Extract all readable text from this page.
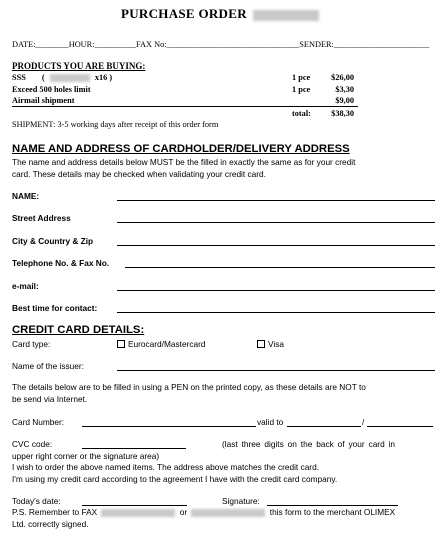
PURCHASE ORDER
DATE:________HOUR:__________FAX No:________________________________SENDER:_______________________
PRODUCTS YOU ARE BUYING:
SSS (	x16 )	1 pce	$26,00
Exceed 500 holes limit	1 pce	$3,30
Airmail shipment	$9,00
total: $38,30
SHIPMENT: 3-5 working days after receipt of this order form
NAME AND ADDRESS OF CARDHOLDER/DELIVERY ADDRESS
The name and address details below MUST be the filled in exactly the same as for your credit
card. These details may be checked when validating your credit card.
NAME:
Street Address
City & Country & Zip
Telephone No. & Fax No.
e-mail:
Best time for contact:
CREDIT CARD DETAILS:
Card type:	Eurocard/Mastercard	Visa
Name of the issuer:
The details below are to be filled in using a PEN on the printed copy, as these details are NOT to
be send via Internet.
Card Number:	valid to	/
CVC code:	(last three digits on the back of your card in
upper right corner or the signature area)
I wish to order the above named items. The address above matches the credit card.
I'm using my credit card according to the agreement I have with the credit card company.
Today's date:	Signature:
P.S. Remember to FAX	or	this form to the merchant OLIMEX
Ltd. correctly signed.
